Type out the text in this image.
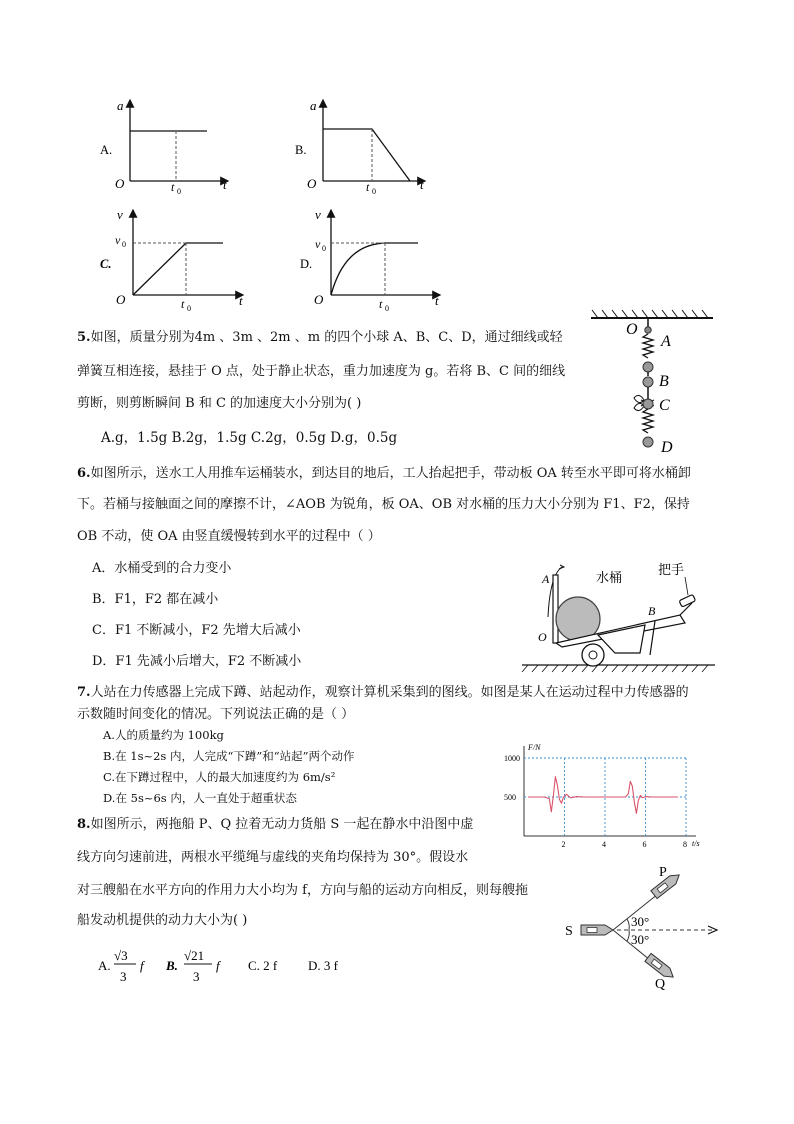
a
t
O	t 0
A.
a
t
O	t 0
B.
v
t
O	t 0
v 0
C.
v
t
O	t 0
v 0
D.
5.如图，质量分别为4m 、3m 、2m 、m 的四个小球 A、B、C、D，通过细线或轻
弹簧互相连接，悬挂于 O 点，处于静止状态，重力加速度为 g。若将 B、C 间的细线
剪断，则剪断瞬间 B 和 C 的加速度大小分别为( )
A.g，1.5g B.2g，1.5g C.2g，0.5g D.g，0.5g
O
A
B
C
D
6.如图所示，送水工人用推车运桶装水，到达目的地后，工人抬起把手，带动板 OA 转至水平即可将水桶卸
下。若桶与接触面之间的摩擦不计，∠AOB 为锐角，板 OA、OB 对水桶的压力大小分别为 F1、F2，保持
OB 不动，使 OA 由竖直缓慢转到水平的过程中（ ）
A．水桶受到的合力变小
B．F1，F2 都在减小
C．F1 不断减小，F2 先增大后减小
D．F1 先减小后增大，F2 不断减小
A
O
B
水桶
把手
7.人站在力传感器上完成下蹲、站起动作，观察计算机采集到的图线。如图是某人在运动过程中力传感器的
示数随时间变化的情况。下列说法正确的是（ ）
A.人的质量约为 100kg
B.在 1s~2s 内，人完成“下蹲”和“站起”两个动作
C.在下蹲过程中，人的最大加速度约为 6m/s²
D.在 5s~6s 内，人一直处于超重状态
2	4	6	8
500
1000
F/N
t/s
8.如图所示，两拖船 P、Q 拉着无动力货船 S 一起在静水中沿图中虚
线方向匀速前进，两根水平缆绳与虚线的夹角均保持为 30°。假设水
对三艘船在水平方向的作用力大小均为 f，方向与船的运动方向相反，则每艘拖
船发动机提供的动力大小为( )
A.
√3
3
f B.
√21
3
f C. 2 f D. 3 f
S
P
Q
30°
30°
